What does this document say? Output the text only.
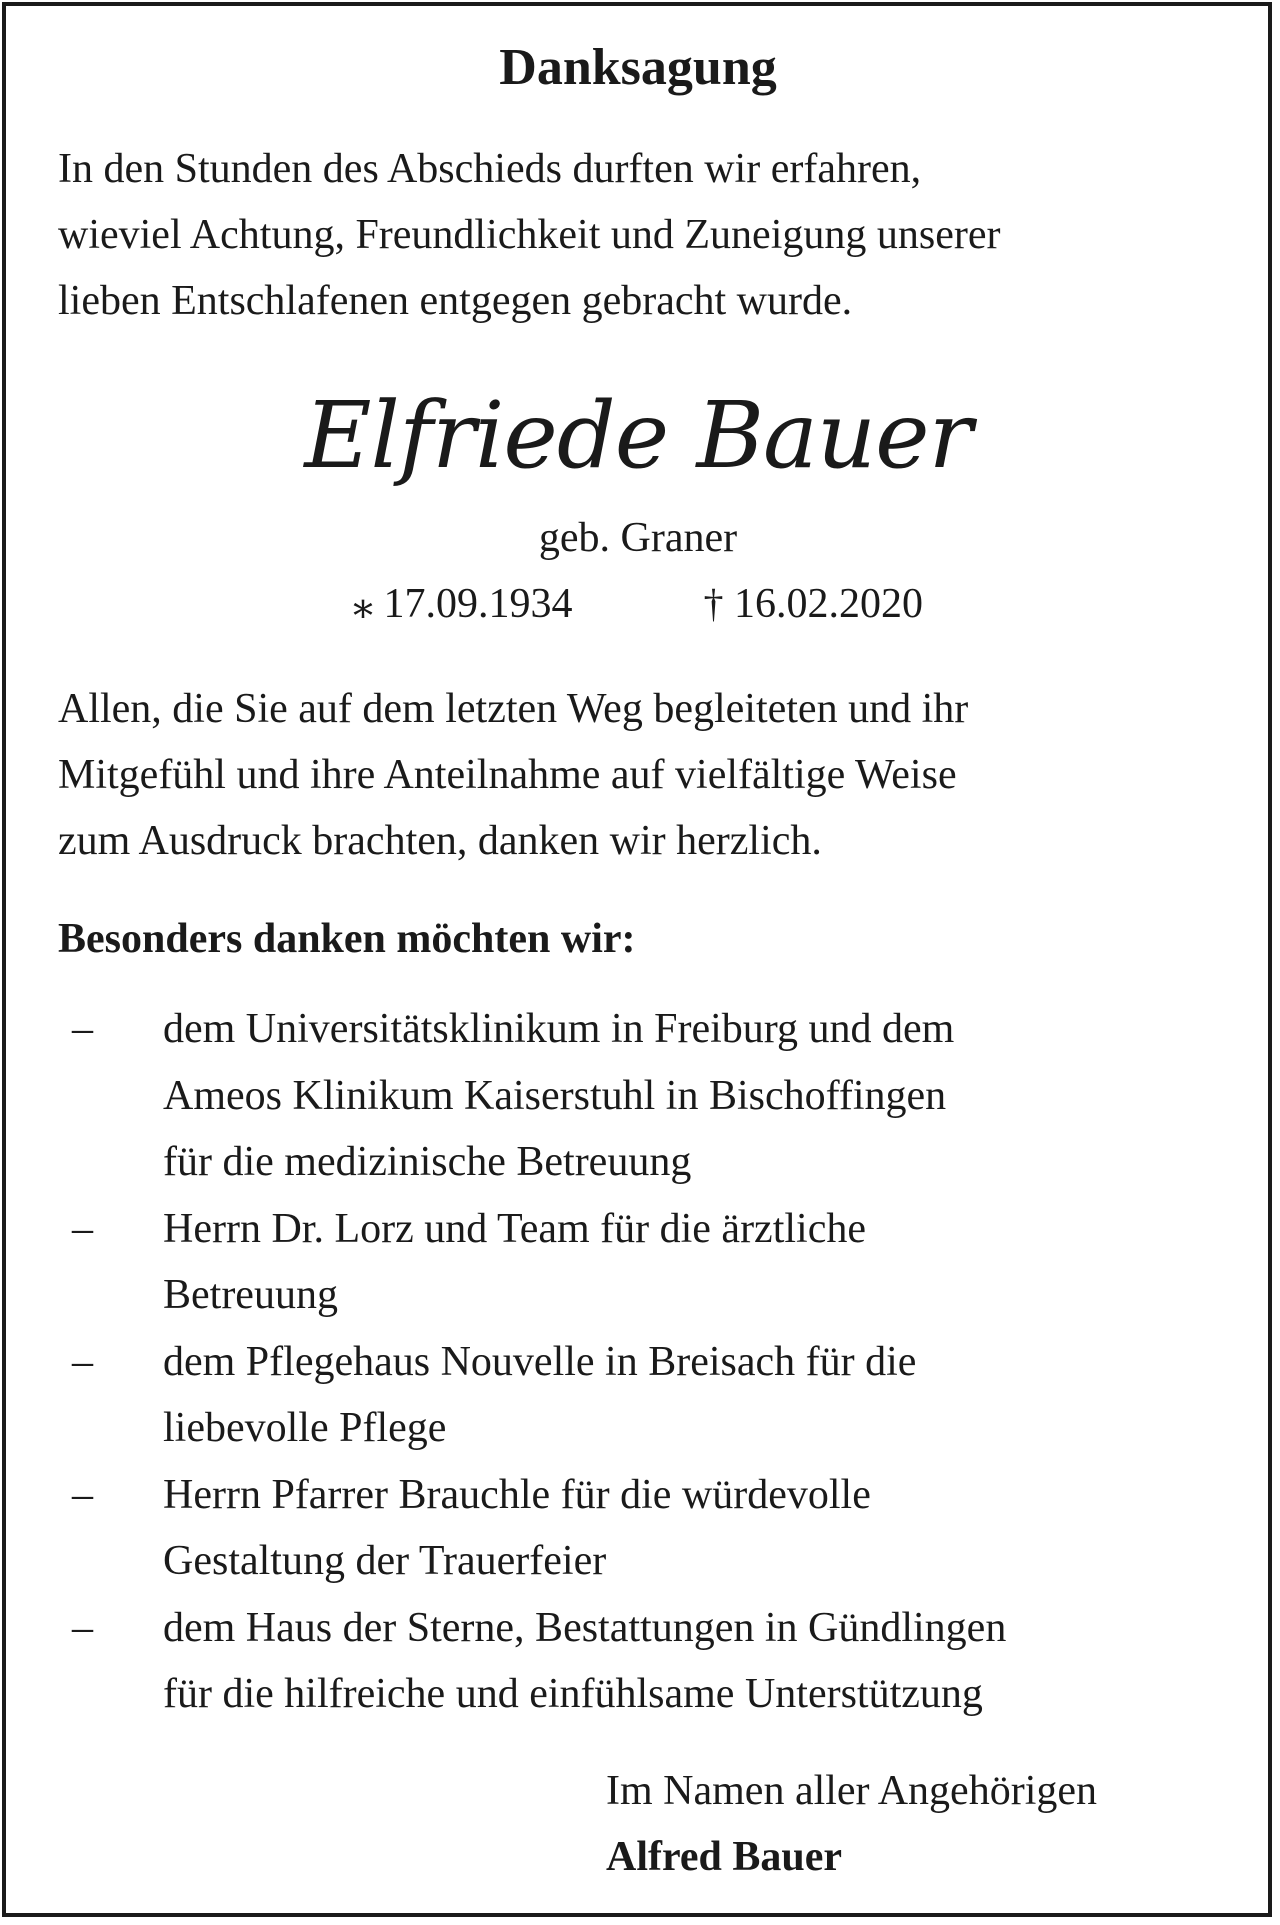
Danksagung
In den Stunden des Abschieds durften wir erfahren,
wieviel Achtung, Freundlichkeit und Zuneigung unserer
lieben Entschlafenen entgegen gebracht wurde.
Elfriede Bauer
geb. Graner
⁎ 17.09.1934	† 16.02.2020
Allen, die Sie auf dem letzten Weg begleiteten und ihr
Mitgefühl und ihre Anteilnahme auf vielfältige Weise
zum Ausdruck brachten, danken wir herzlich.
Besonders danken möchten wir:
– dem Universitätsklinikum in Freiburg und dem
Ameos Klinikum Kaiserstuhl in Bischoffingen
für die medizinische Betreuung
– Herrn Dr. Lorz und Team für die ärztliche
Betreuung
– dem Pflegehaus Nouvelle in Breisach für die
liebevolle Pflege
– Herrn Pfarrer Brauchle für die würdevolle
Gestaltung der Trauerfeier
– dem Haus der Sterne, Bestattungen in Gündlingen
für die hilfreiche und einfühlsame Unterstützung
Im Namen aller Angehörigen
Alfred Bauer
